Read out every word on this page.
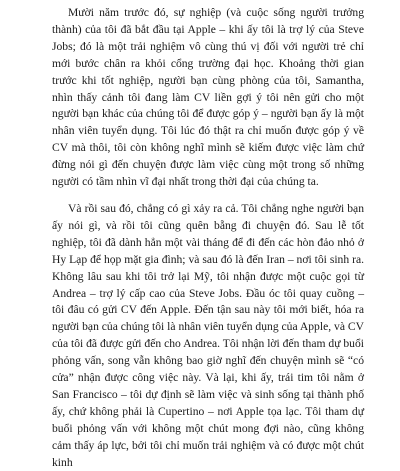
Mười năm trước đó, sự nghiệp (và cuộc sống người trưởng thành) của tôi đã bắt đầu tại Apple – khi ấy tôi là trợ lý của Steve Jobs; đó là một trải nghiệm vô cùng thú vị đối với người trẻ chỉ mới bước chân ra khỏi cổng trường đại học. Khoảng thời gian trước khi tốt nghiệp, người bạn cùng phòng của tôi, Samantha, nhìn thấy cảnh tôi đang làm CV liền gợi ý tôi nên gửi cho một người bạn khác của chúng tôi để được góp ý – người bạn ấy là một nhân viên tuyển dụng. Tôi lúc đó thật ra chỉ muốn được góp ý về CV mà thôi, tôi còn không nghĩ mình sẽ kiếm được việc làm chứ đừng nói gì đến chuyện được làm việc cùng một trong số những người có tầm nhìn vĩ đại nhất trong thời đại của chúng ta.

Và rồi sau đó, chẳng có gì xảy ra cả. Tôi chẳng nghe người bạn ấy nói gì, và rồi tôi cũng quên bẵng đi chuyện đó. Sau lễ tốt nghiệp, tôi đã dành hẳn một vài tháng để đi đến các hòn đảo nhỏ ở Hy Lạp để họp mặt gia đình; và sau đó là đến Iran – nơi tôi sinh ra. Không lâu sau khi tôi trở lại Mỹ, tôi nhận được một cuộc gọi từ Andrea – trợ lý cấp cao của Steve Jobs. Đầu óc tôi quay cuồng – tôi đâu có gửi CV đến Apple. Đến tận sau này tôi mới biết, hóa ra người bạn của chúng tôi là nhân viên tuyển dụng của Apple, và CV của tôi đã được gửi đến cho Andrea. Tôi nhận lời đến tham dự buổi phỏng vấn, song vẫn không bao giờ nghĩ đến chuyện mình sẽ “có cửa” nhận được công việc này. Và lại, khi ấy, trái tim tôi nằm ở San Francisco – tôi dự định sẽ làm việc và sinh sống tại thành phố ấy, chứ không phải là Cupertino – nơi Apple tọa lạc. Tôi tham dự buổi phỏng vấn với không một chút mong đợi nào, cũng không cảm thấy áp lực, bởi tôi chỉ muốn trải nghiệm và có được một chút kinh
